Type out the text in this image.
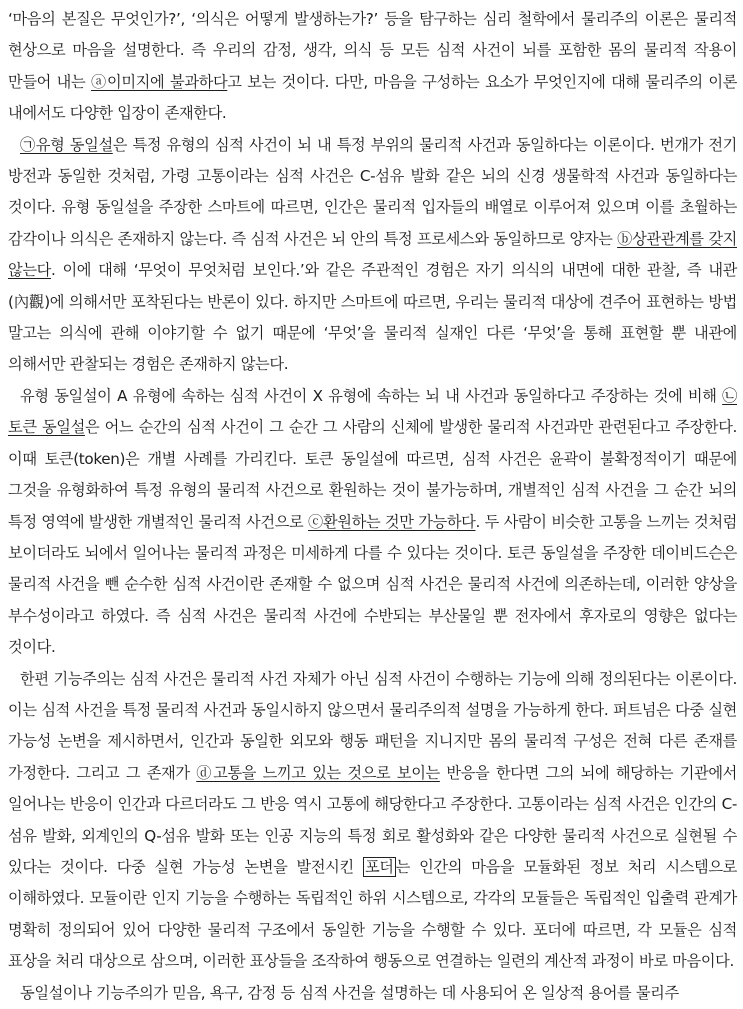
‘마음의 본질은 무엇인가?’, ‘의식은 어떻게 발생하는가?’ 등을 탐구하는 심리 철학에서 물리주의 이론은 물리적 현상으로 마음을 설명한다. 즉 우리의 감정, 생각, 의식 등 모든 심적 사건이 뇌를 포함한 몸의 물리적 작용이 만들어 내는 ⓐ이미지에 불과하다고 보는 것이다. 다만, 마음을 구성하는 요소가 무엇인지에 대해 물리주의 이론 내에서도 다양한 입장이 존재한다.

㉠유형 동일설은 특정 유형의 심적 사건이 뇌 내 특정 부위의 물리적 사건과 동일하다는 이론이다. 번개가 전기 방전과 동일한 것처럼, 가령 고통이라는 심적 사건은 C-섬유 발화 같은 뇌의 신경 생물학적 사건과 동일하다는 것이다. 유형 동일설을 주장한 스마트에 따르면, 인간은 물리적 입자들의 배열로 이루어져 있으며 이를 초월하는 감각이나 의식은 존재하지 않는다. 즉 심적 사건은 뇌 안의 특정 프로세스와 동일하므로 양자는 ⓑ상관관계를 갖지 않는다. 이에 대해 ‘무엇이 무엇처럼 보인다.’와 같은 주관적인 경험은 자기 의식의 내면에 대한 관찰, 즉 내관(內觀)에 의해서만 포착된다는 반론이 있다. 하지만 스마트에 따르면, 우리는 물리적 대상에 견주어 표현하는 방법 말고는 의식에 관해 이야기할 수 없기 때문에 ‘무엇’을 물리적 실재인 다른 ‘무엇’을 통해 표현할 뿐 내관에 의해서만 관찰되는 경험은 존재하지 않는다.

유형 동일설이 A 유형에 속하는 심적 사건이 X 유형에 속하는 뇌 내 사건과 동일하다고 주장하는 것에 비해 ㉡토큰 동일설은 어느 순간의 심적 사건이 그 순간 그 사람의 신체에 발생한 물리적 사건과만 관련된다고 주장한다. 이때 토큰(token)은 개별 사례를 가리킨다. 토큰 동일설에 따르면, 심적 사건은 윤곽이 불확정적이기 때문에 그것을 유형화하여 특정 유형의 물리적 사건으로 환원하는 것이 불가능하며, 개별적인 심적 사건을 그 순간 뇌의 특정 영역에 발생한 개별적인 물리적 사건으로 ⓒ환원하는 것만 가능하다. 두 사람이 비슷한 고통을 느끼는 것처럼 보이더라도 뇌에서 일어나는 물리적 과정은 미세하게 다를 수 있다는 것이다. 토큰 동일설을 주장한 데이비드슨은 물리적 사건을 뺀 순수한 심적 사건이란 존재할 수 없으며 심적 사건은 물리적 사건에 의존하는데, 이러한 양상을 부수성이라고 하였다. 즉 심적 사건은 물리적 사건에 수반되는 부산물일 뿐 전자에서 후자로의 영향은 없다는 것이다.

한편 기능주의는 심적 사건은 물리적 사건 자체가 아닌 심적 사건이 수행하는 기능에 의해 정의된다는 이론이다. 이는 심적 사건을 특정 물리적 사건과 동일시하지 않으면서 물리주의적 설명을 가능하게 한다. 퍼트넘은 다중 실현 가능성 논변을 제시하면서, 인간과 동일한 외모와 행동 패턴을 지니지만 몸의 물리적 구성은 전혀 다른 존재를 가정한다. 그리고 그 존재가 ⓓ고통을 느끼고 있는 것으로 보이는 반응을 한다면 그의 뇌에 해당하는 기관에서 일어나는 반응이 인간과 다르더라도 그 반응 역시 고통에 해당한다고 주장한다. 고통이라는 심적 사건은 인간의 C-섬유 발화, 외계인의 Q-섬유 발화 또는 인공 지능의 특정 회로 활성화와 같은 다양한 물리적 사건으로 실현될 수 있다는 것이다. 다중 실현 가능성 논변을 발전시킨 포더 는 인간의 마음을 모듈화된 정보 처리 시스템으로 이해하였다. 모듈이란 인지 기능을 수행하는 독립적인 하위 시스템으로, 각각의 모듈들은 독립적인 입출력 관계가 명확히 정의되어 있어 다양한 물리적 구조에서 동일한 기능을 수행할 수 있다. 포더에 따르면, 각 모듈은 심적 표상을 처리 대상으로 삼으며, 이러한 표상들을 조작하여 행동으로 연결하는 일련의 계산적 과정이 바로 마음이다.

동일설이나 기능주의가 믿음, 욕구, 감정 등 심적 사건을 설명하는 데 사용되어 온 일상적 용어를 물리주
